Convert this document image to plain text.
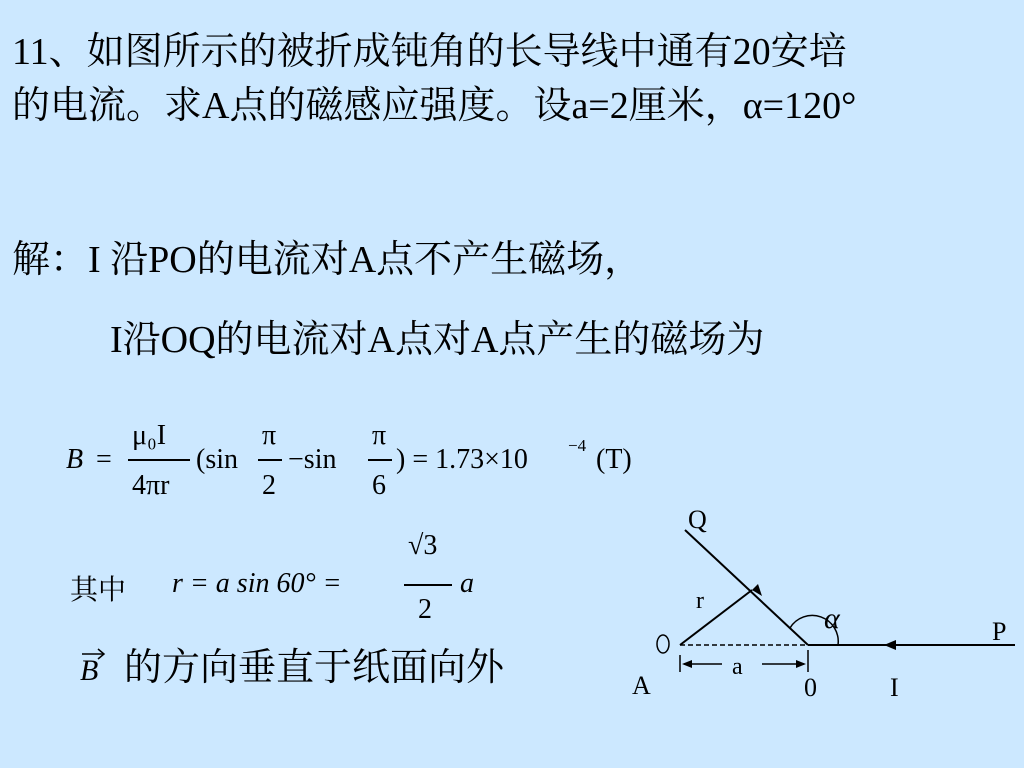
11、如图所示的被折成钝角的长导线中通有20安培
的电流。求A点的磁感应强度。设a=2厘米，α=120°
解：I 沿PO的电流对A点不产生磁场，
I沿OQ的电流对A点对A点产生的磁场为
B =
μ₀I
4πr
(sin
π
2
−sin
π
6
) = 1.73×10 −4 (T)
其中 r = a sin 60° =
√3
2
a
B 的方向垂直于纸面向外
Q
r
α	P
a
A	0	I
